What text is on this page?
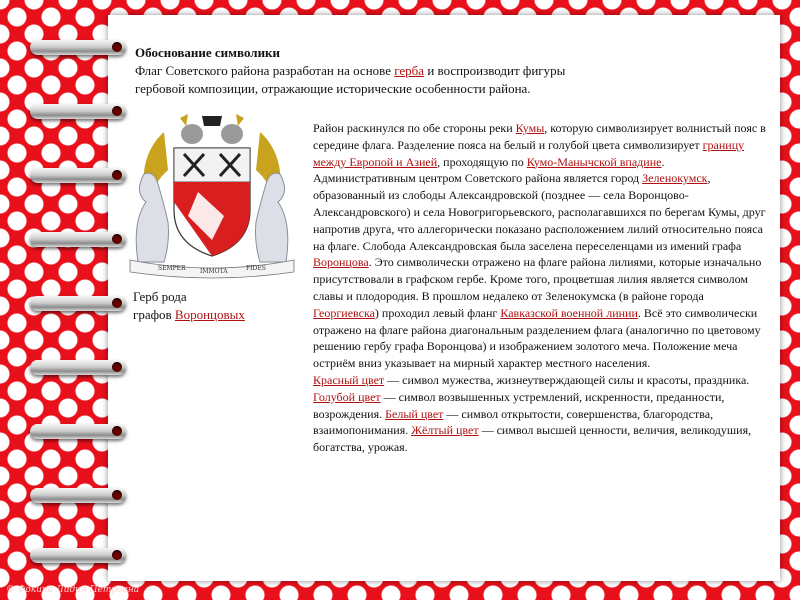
Обоснование символики
Флаг Советского района разработан на основе герба и воспроизводит фигуры
гербовой композиции, отражающие исторические особенности района.
SEMPER IMMOTA	FIDES
Герб рода
графов Воронцовых
Район раскинулся по обе стороны реки Кумы, которую символизирует волнистый пояс в середине флага. Разделение пояса на белый и голубой цвета символизирует границу между Европой и Азией, проходящую по Кумо-Манычской впадине.
Административным центром Советского района является город Зеленокумск, образованный из слободы Александровской (позднее — села Воронцово-Александровского) и села Новогригорьевского, располагавшихся по берегам Кумы, друг напротив друга, что аллегорически показано расположением лилий относительно пояса на флаге. Слобода Александровская была заселена переселенцами из имений графа Воронцова. Это символически отражено на флаге района лилиями, которые изначально присутствовали в графском гербе. Кроме того, процветшая лилия является символом славы и плодородия. В прошлом недалеко от Зеленокумска (в районе города Георгиевска) проходил левый фланг Кавказской военной линии. Всё это символически отражено на флаге района диагональным разделением флага (аналогично по цветовому решению гербу графа Воронцова) и изображением золотого меча. Положение меча остриём вниз указывает на мирный характер местного населения.
Красный цвет — символ мужества, жизнеутверждающей силы и красоты, праздника. Голубой цвет — символ возвышенных устремлений, искренности, преданности, возрождения. Белый цвет — символ открытости, совершенства, благородства, взаимопонимания. Жёлтый цвет — символ высшей ценности, величия, великодушия, богатства, урожая.
© Фокина Лидия Петровна
